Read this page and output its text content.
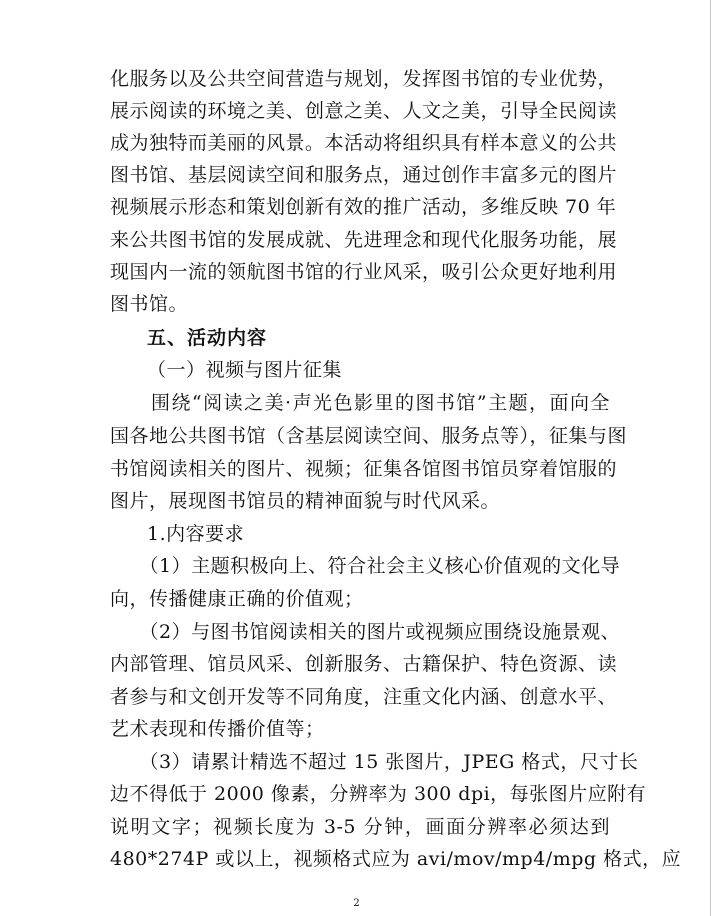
化服务以及公共空间营造与规划，发挥图书馆的专业优势，
展示阅读的环境之美、创意之美、人文之美，引导全民阅读
成为独特而美丽的风景。本活动将组织具有样本意义的公共
图书馆、基层阅读空间和服务点，通过创作丰富多元的图片
视频展示形态和策划创新有效的推广活动，多维反映 70 年
来公共图书馆的发展成就、先进理念和现代化服务功能，展
现国内一流的领航图书馆的行业风采，吸引公众更好地利用
图书馆。
五、活动内容
（一）视频与图片征集
　　围绕“阅读之美·声光色影里的图书馆”主题，面向全
国各地公共图书馆（含基层阅读空间、服务点等），征集与图
书馆阅读相关的图片、视频；征集各馆图书馆员穿着馆服的
图片，展现图书馆员的精神面貌与时代风采。
1.内容要求
　　（1）主题积极向上、符合社会主义核心价值观的文化导
向，传播健康正确的价值观；
　　（2）与图书馆阅读相关的图片或视频应围绕设施景观、
内部管理、馆员风采、创新服务、古籍保护、特色资源、读
者参与和文创开发等不同角度，注重文化内涵、创意水平、
艺术表现和传播价值等；
　　（3）请累计精选不超过 15 张图片，JPEG 格式，尺寸长
边不得低于 2000 像素，分辨率为 300 dpi，每张图片应附有
说明文字；视频长度为 3-5 分钟，画面分辨率必须达到
480*274P 或以上，视频格式应为 avi/mov/mp4/mpg 格式，应
2
